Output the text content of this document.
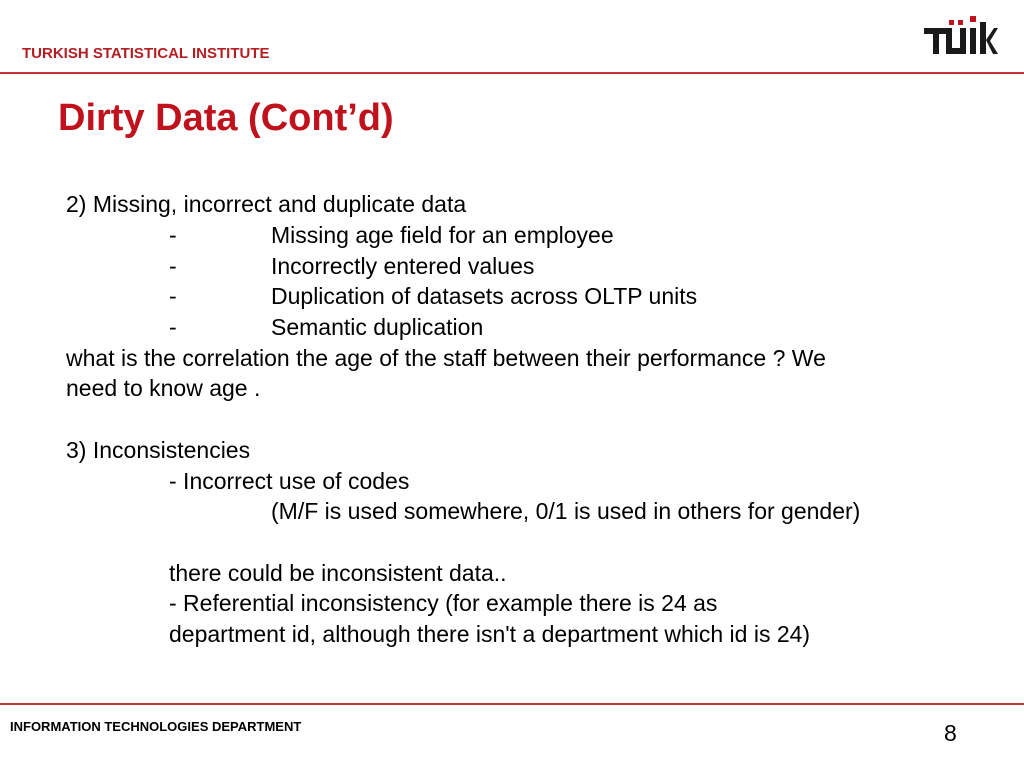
TURKISH STATISTICAL INSTITUTE
Dirty Data (Cont’d)
2) Missing, incorrect and duplicate data
-	Missing age field for an employee
-	Incorrectly entered values
-	Duplication of datasets across OLTP units
-	Semantic duplication
what is the correlation the age of the staff between their performance ? We
need to know age .
3) Inconsistencies
- Incorrect use of codes
(M/F is used somewhere, 0/1 is used in others for gender)
there could be inconsistent data..
- Referential inconsistency (for example there is 24 as
department id, although there isn't a department which id is 24)
INFORMATION TECHNOLOGIES DEPARTMENT	8
